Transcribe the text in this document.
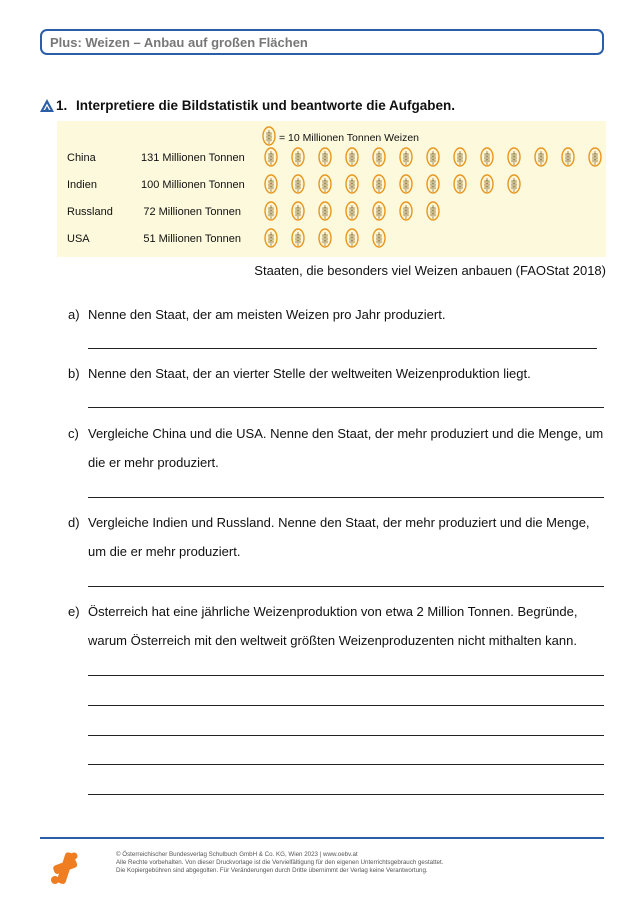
Plus: Weizen – Anbau auf großen Flächen
1. Interpretiere die Bildstatistik und beantworte die Aufgaben.
= 10 Millionen Tonnen Weizen
China	131 Millionen Tonnen
Indien	100 Millionen Tonnen
Russland	72 Millionen Tonnen
USA	51 Millionen Tonnen
Staaten, die besonders viel Weizen anbauen (FAOStat 2018)
a) Nenne den Staat, der am meisten Weizen pro Jahr produziert.
b) Nenne den Staat, der an vierter Stelle der weltweiten Weizenproduktion liegt.
c) Vergleiche China und die USA. Nenne den Staat, der mehr produziert und die Menge, um die er mehr produziert.
d) Vergleiche Indien und Russland. Nenne den Staat, der mehr produziert und die Menge, um die er mehr produziert.
e) Österreich hat eine jährliche Weizenproduktion von etwa 2 Million Tonnen. Begründe, warum Österreich mit den weltweit größten Weizenproduzenten nicht mithalten kann.
© Österreichischer Bundesverlag Schulbuch GmbH & Co. KG, Wien 2023 | www.oebv.at
Alle Rechte vorbehalten. Von dieser Druckvorlage ist die Vervielfältigung für den eigenen Unterrichtsgebrauch gestattet.
Die Kopiergebühren sind abgegolten. Für Veränderungen durch Dritte übernimmt der Verlag keine Verantwortung.
